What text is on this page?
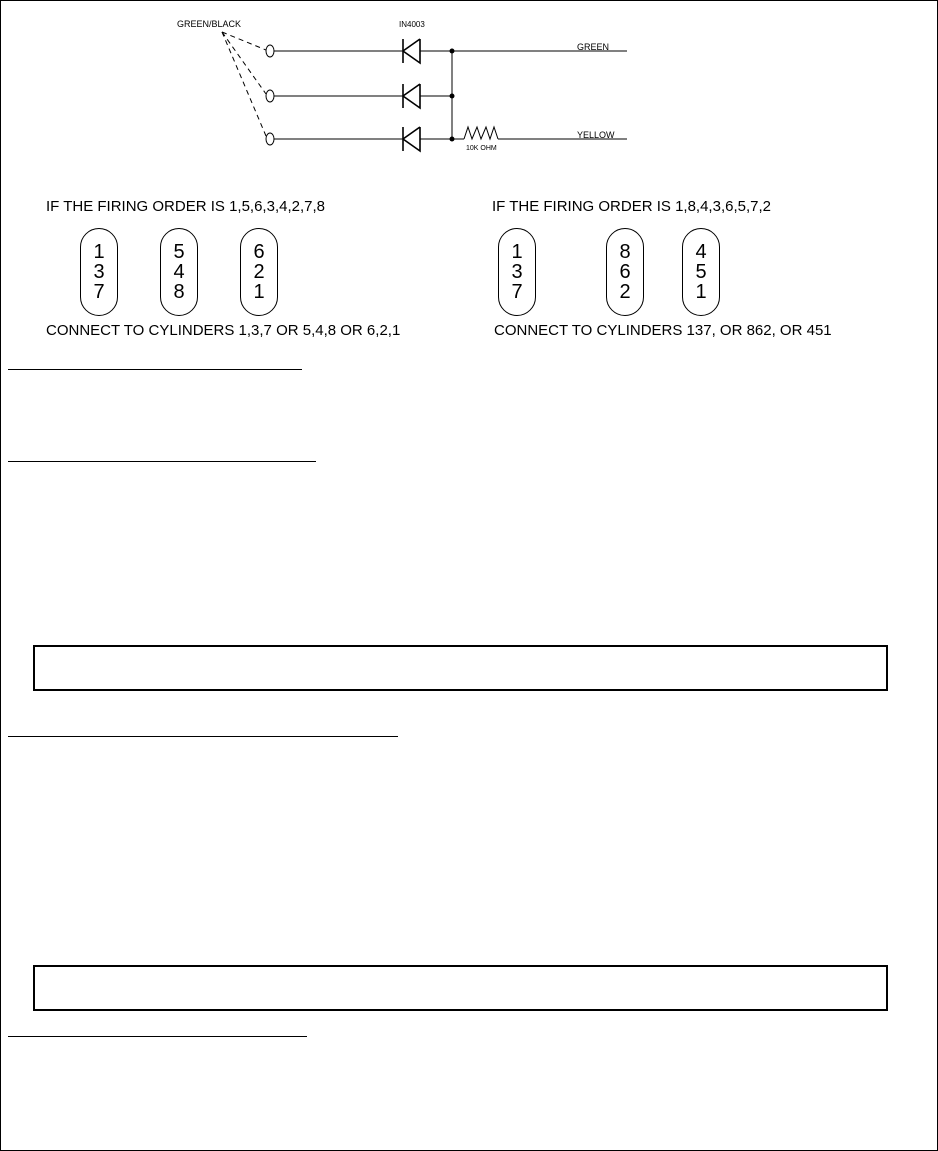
GREEN/BLACK	IN4003
10K OHM
GREEN
YELLOW
IF THE FIRING ORDER IS 1,5,6,3,4,2,7,8
1
3
7
5
4
8
6
2
1
CONNECT TO CYLINDERS 1,3,7 OR 5,4,8 OR 6,2,1
IF THE FIRING ORDER IS 1,8,4,3,6,5,7,2
1
3
7
8
6
2
4
5
1
CONNECT TO CYLINDERS 137, OR 862, OR 451
